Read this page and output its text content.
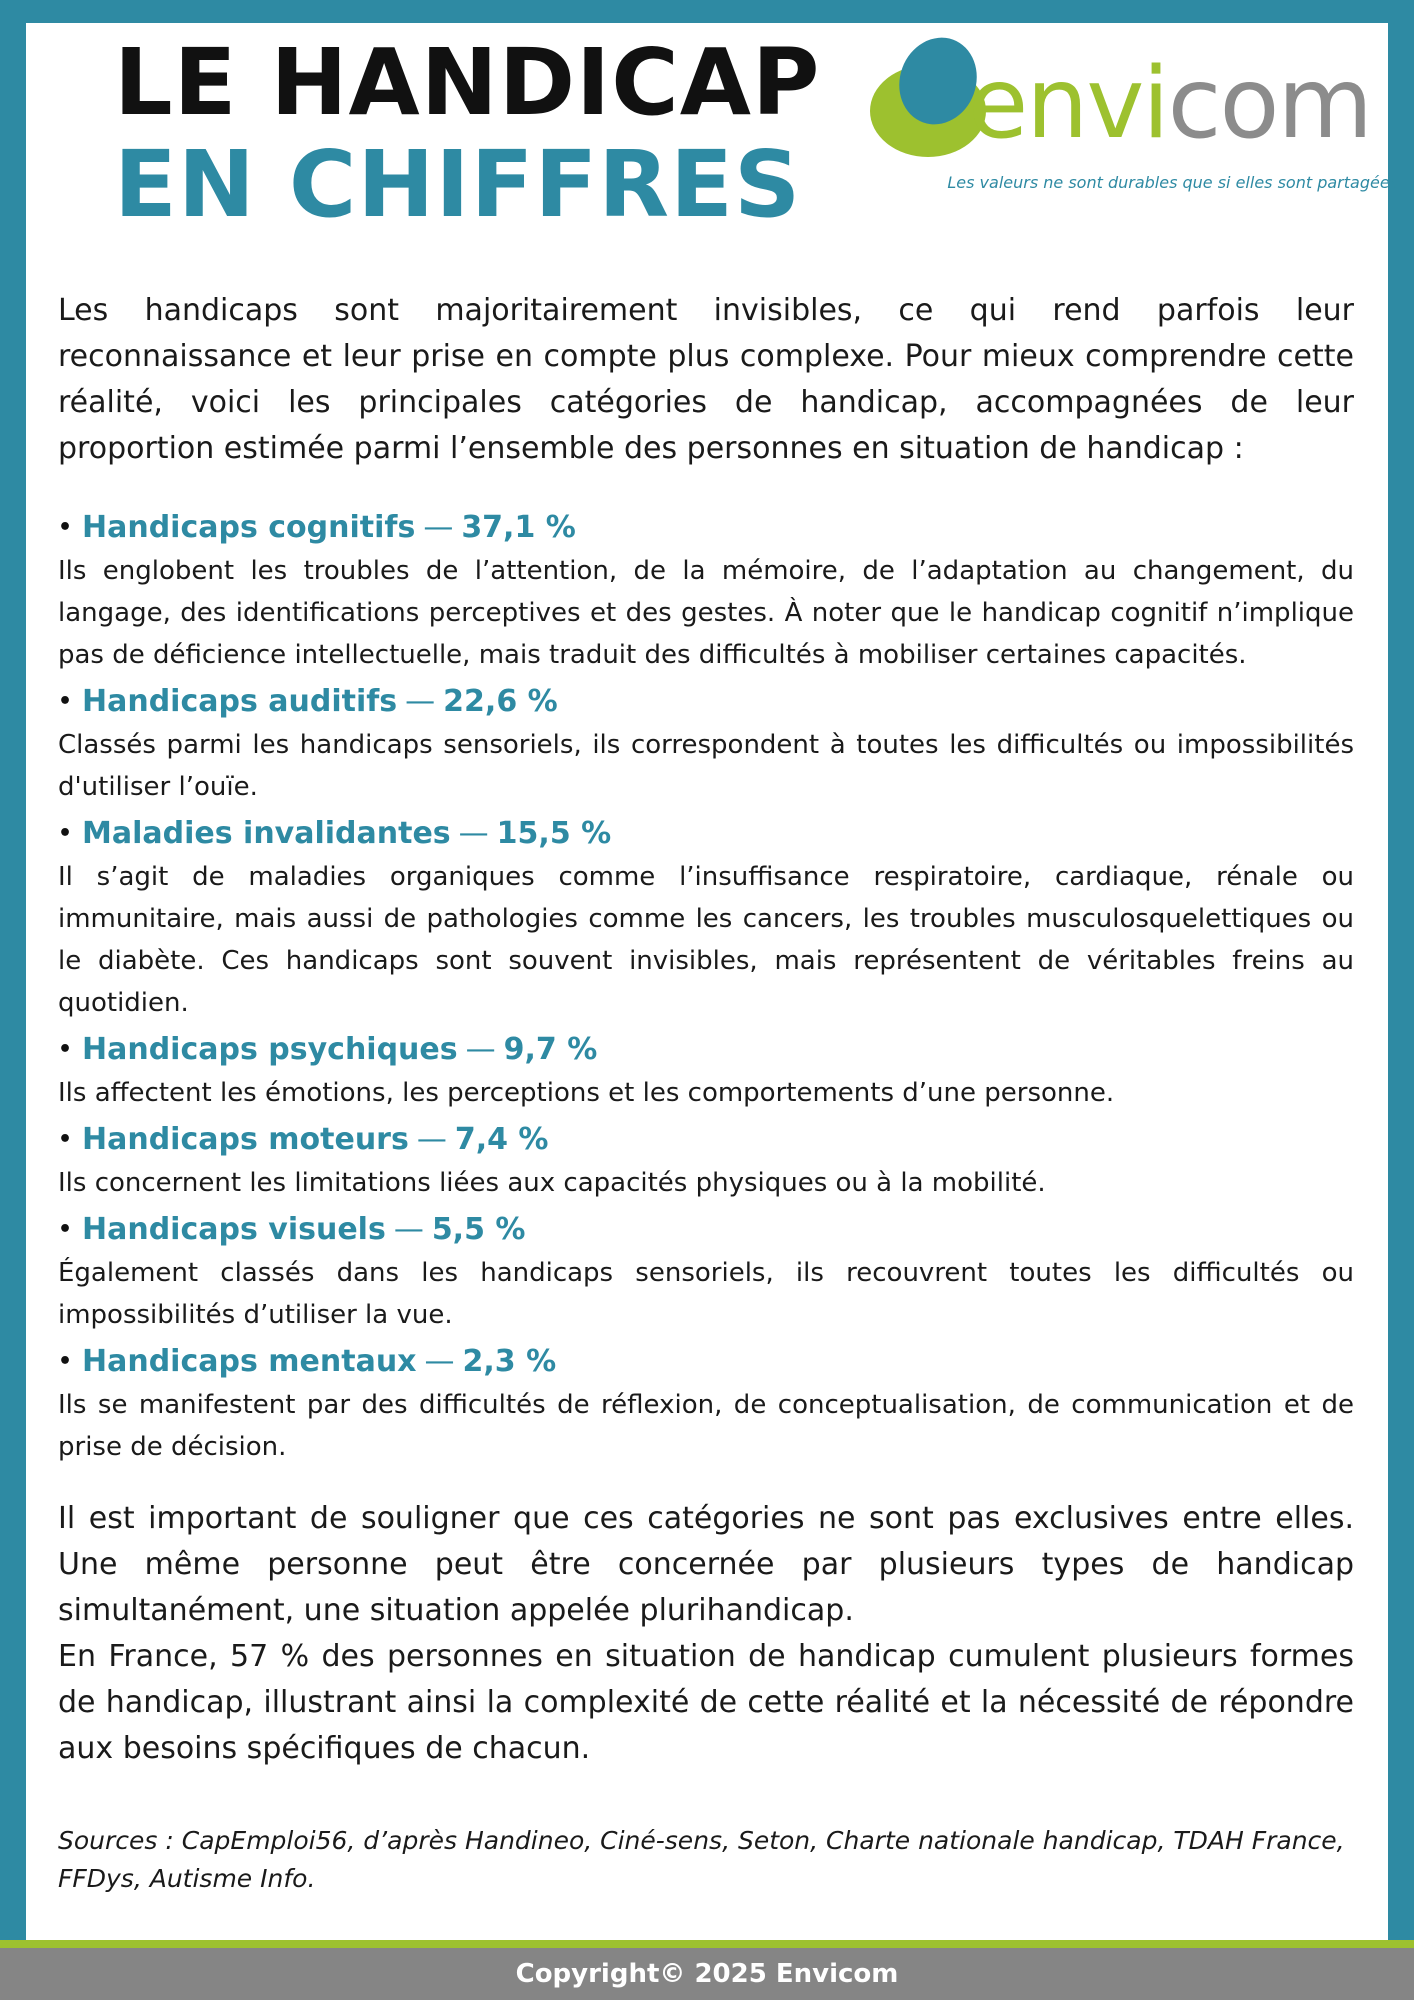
LE HANDICAP
EN CHIFFRES
envicom
Les valeurs ne sont durables que si elles sont partagées

Les handicaps sont majoritairement invisibles, ce qui rend parfois leur reconnaissance et leur prise en compte plus complexe. Pour mieux comprendre cette réalité, voici les principales catégories de handicap, accompagnées de leur proportion estimée parmi l’ensemble des personnes en situation de handicap :

• Handicaps cognitifs — 37,1 %

Ils englobent les troubles de l’attention, de la mémoire, de l’adaptation au changement, du langage, des identifications perceptives et des gestes. À noter que le handicap cognitif n’implique pas de déficience intellectuelle, mais traduit des difficultés à mobiliser certaines capacités.

• Handicaps auditifs — 22,6 %

Classés parmi les handicaps sensoriels, ils correspondent à toutes les difficultés ou impossibilités d'utiliser l’ouïe.

• Maladies invalidantes — 15,5 %

Il s’agit de maladies organiques comme l’insuffisance respiratoire, cardiaque, rénale ou immunitaire, mais aussi de pathologies comme les cancers, les troubles musculosquelettiques ou le diabète. Ces handicaps sont souvent invisibles, mais représentent de véritables freins au quotidien.

• Handicaps psychiques — 9,7 %

Ils affectent les émotions, les perceptions et les comportements d’une personne.

• Handicaps moteurs — 7,4 %

Ils concernent les limitations liées aux capacités physiques ou à la mobilité.

• Handicaps visuels — 5,5 %

Également classés dans les handicaps sensoriels, ils recouvrent toutes les difficultés ou impossibilités d’utiliser la vue.

• Handicaps mentaux — 2,3 %

Ils se manifestent par des difficultés de réflexion, de conceptualisation, de communication et de prise de décision.

Il est important de souligner que ces catégories ne sont pas exclusives entre elles. Une même personne peut être concernée par plusieurs types de handicap simultanément, une situation appelée plurihandicap.

En France, 57 % des personnes en situation de handicap cumulent plusieurs formes de handicap, illustrant ainsi la complexité de cette réalité et la nécessité de répondre aux besoins spécifiques de chacun.

Sources : CapEmploi56, d’après Handineo, Ciné-sens, Seton, Charte nationale handicap, TDAH France, FFDys, Autisme Info.

Copyright© 2025 Envicom
